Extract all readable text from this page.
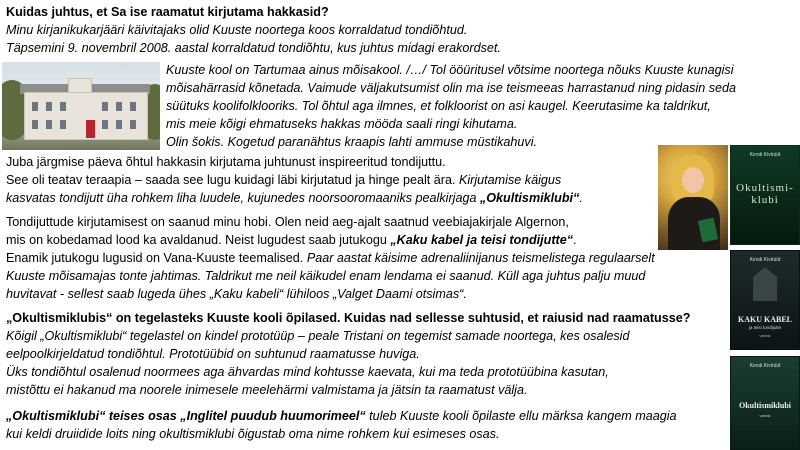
Kuidas juhtus, et Sa ise raamatut kirjutama hakkasid?
Minu kirjanikukarjääri käivitajaks olid Kuuste noortega koos korraldatud tondiõhtud.
Täpsemini 9. novembril 2008. aastal korraldatud tondiõhtu, kus juhtus midagi erakordset.
Kuuste kool on Tartumaa ainus mõisakool. /…/ Tol ööüritusel võtsime noortega nõuks Kuuste kunagisi
mõisahärrasid kõnetada. Vaimude väljakutsumist olin ma ise teismeeas harrastanud ning pidasin seda
süütuks koolifolklooriks. Tol õhtul aga ilmnes, et folkloorist on asi kaugel. Keerutasime ka taldrikut,
mis meie kõigi ehmatuseks hakkas mööda saali ringi kihutama.
Olin šokis. Kogetud paranähtus kraapis lahti ammuse müstikahuvi.
Juba järgmise päeva õhtul hakkasin kirjutama juhtunust inspireeritud tondijuttu.
See oli teatav teraapia – saada see lugu kuidagi läbi kirjutatud ja hinge pealt ära. Kirjutamise käigus
kasvatas tondijutt üha rohkem liha luudele, kujunedes noorsooromaaniks pealkirjaga „Okultismiklubi“.
Tondijuttude kirjutamisest on saanud minu hobi. Olen neid aeg-ajalt saatnud veebiajakirjale Algernon,
mis on kobedamad lood ka avaldanud. Neist lugudest saab jutukogu „Kaku kabel ja teisi tondijutte“.
Enamik jutukogu lugusid on Vana-Kuuste teemalised. Paar aastat käisime adrenaliinijanus teismelistega regulaarselt
Kuuste mõisamajas tonte jahtimas. Taldrikut me neil käikudel enam lendama ei saanud. Küll aga juhtus palju muud
huvitavat - sellest saab lugeda ühes „Kaku kabeli“ lühiloos „Valget Daami otsimas“.
„Okultismiklubis“ on tegelasteks Kuuste kooli õpilased. Kuidas nad sellesse suhtusid, et raiusid nad raamatusse?
Kõigil „Okultismiklubi“ tegelastel on kindel prototüüp – peale Tristani on tegemist samade noortega, kes osalesid
eelpoolkirjeldatud tondiõhtul. Prototüübid on suhtunud raamatusse huviga.
Üks tondiõhtul osalenud noormees aga ähvardas mind kohtusse kaevata, kui ma teda prototüübina kasutan,
mistõttu ei hakanud ma noorele inimesele meelehärmi valmistama ja jätsin ta raamatust välja.
„Okultismiklubi“ teises osas „Inglitel puudub huumorimeel“ tuleb Kuuste kooli õpilaste ellu märksa kangem maagia
kui keldi druiidide loits ning okultismiklubi õigustab oma nime rohkem kui esimeses osas.
Kersti Kivirüüt
Okultismi-klubi
Kersti Kivirüüt
KAKU KABEL
ja teisi tondijutte
varrak
Kersti Kivirüüt
Okultismiklubi
varrak
